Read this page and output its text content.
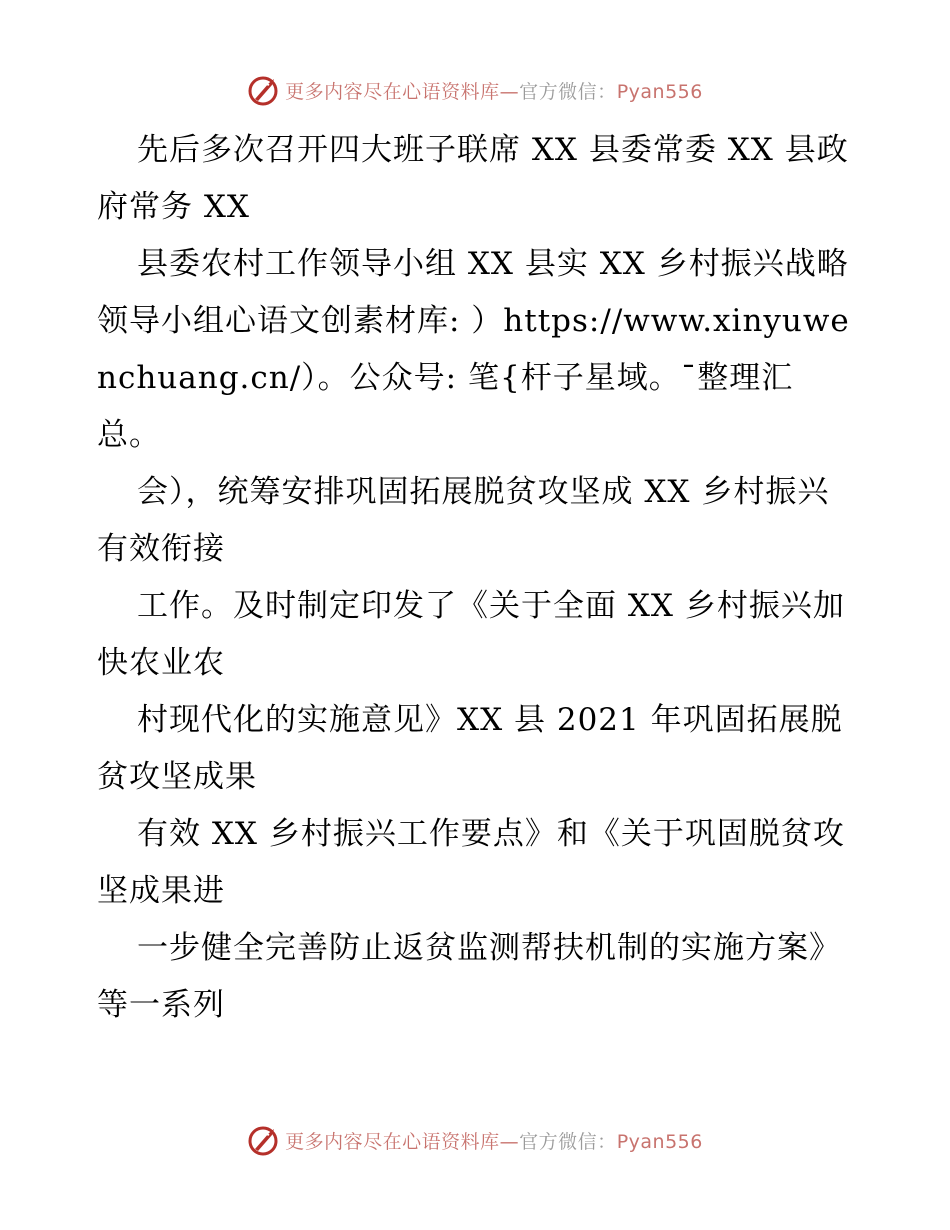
更多内容尽在心语资料库—官方微信：Pyan556

先后多次召开四大班子联席 XX 县委常委 XX 县政府常务 XX

县委农村工作领导小组 XX 县实 XX 乡村振兴战略领导小组心语文创素材库: ）https://www.xinyuwenchuang.cn/）。公众号: 笔{杆子星域。¯整理汇总。

会），统筹安排巩固拓展脱贫攻坚成 XX 乡村振兴有效衔接

工作。及时制定印发了《关于全面 XX 乡村振兴加快农业农

村现代化的实施意见》XX 县 2021 年巩固拓展脱贫攻坚成果

有效 XX 乡村振兴工作要点》和《关于巩固脱贫攻坚成果进

一步健全完善防止返贫监测帮扶机制的实施方案》等一系列

更多内容尽在心语资料库—官方微信：Pyan556
